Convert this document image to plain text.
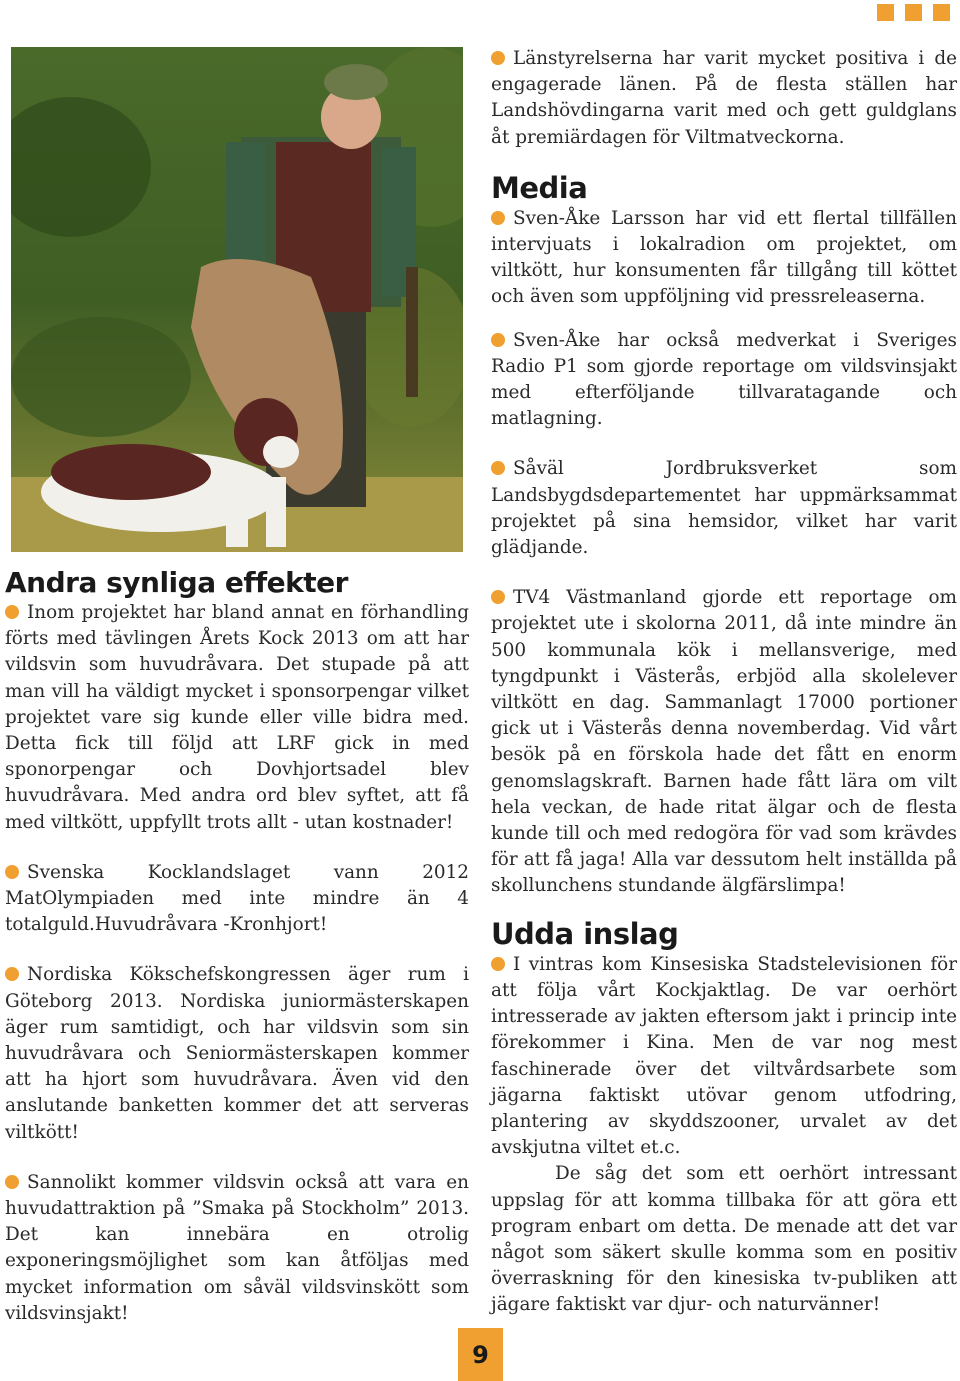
Länstyrelserna har varit mycket positiva i de engagerade länen. På de flesta ställen har Landshövdingarna varit med och gett guldglans åt premiärdagen för Viltmatveckorna.

Media

Sven-Åke Larsson har vid ett flertal tillfällen intervjuats i lokalradion om projektet, om viltkött, hur konsumenten får tillgång till köttet och även som uppföljning vid pressreleaserna.

Sven-Åke har också medverkat i Sveriges Radio P1 som gjorde reportage om vildsvinsjakt med efterföljande tillvaratagande och matlagning.

Såväl Jordbruksverket som Landsbygdsdepartementet har uppmärksammat projektet på sina hemsidor, vilket har varit glädjande.

TV4 Västmanland gjorde ett reportage om projektet ute i skolorna 2011, då inte mindre än 500 kommunala kök i mellansverige, med tyngdpunkt i Västerås, erbjöd alla skolelever viltkött en dag. Sammanlagt 17000 portioner gick ut i Västerås denna novemberdag. Vid vårt besök på en förskola hade det fått en enorm genomslagskraft. Barnen hade fått lära om vilt hela veckan, de hade ritat älgar och de flesta kunde till och med redogöra för vad som krävdes för att få jaga! Alla var dessutom helt inställda på skollunchens stundande älgfärslimpa!

Udda inslag

I vintras kom Kinsesiska Stadstelevisionen för att följa vårt Kockjaktlag. De var oerhört intresserade av jakten eftersom jakt i princip inte förekommer i Kina. Men de var nog mest faschinerade över det viltvårdsarbete som jägarna faktiskt utövar genom utfodring, plantering av skyddszooner, urvalet av det avskjutna viltet et.c.

De såg det som ett oerhört intressant uppslag för att komma tillbaka för att göra ett program enbart om detta. De menade att det var något som säkert skulle komma som en positiv överraskning för den kinesiska tv-publiken att jägare faktiskt var djur- och naturvänner!

Andra synliga effekter

Inom projektet har bland annat en förhandling förts med tävlingen Årets Kock 2013 om att har vildsvin som huvudråvara. Det stupade på att man vill ha väldigt mycket i sponsorpengar vilket projektet vare sig kunde eller ville bidra med. Detta fick till följd att LRF gick in med sponorpengar och Dovhjortsadel blev huvudråvara. Med andra ord blev syftet, att få med viltkött, uppfyllt trots allt - utan kostnader!

Svenska Kocklandslaget vann 2012 MatOlympiaden med inte mindre än 4 totalguld.Huvudråvara -Kronhjort!

Nordiska Kökschefskongressen äger rum i Göteborg 2013. Nordiska juniormästerskapen äger rum samtidigt, och har vildsvin som sin huvudråvara och Seniormästerskapen kommer att ha hjort som huvudråvara. Även vid den anslutande banketten kommer det att serveras viltkött!

Sannolikt kommer vildsvin också att vara en huvudattraktion på ”Smaka på Stockholm” 2013. Det kan innebära en otrolig exponeringsmöjlighet som kan åtföljas med mycket information om såväl vildsvinskött som vildsvinsjakt!

9
